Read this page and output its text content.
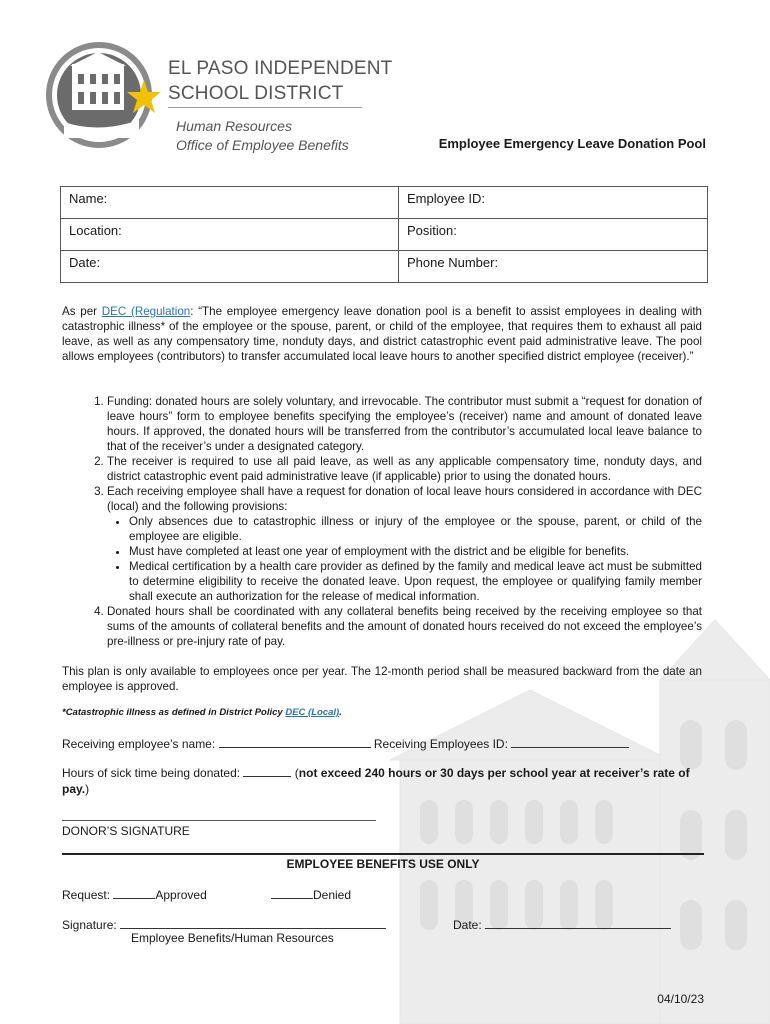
EL PASO INDEPENDENT
SCHOOL DISTRICT
Human Resources
Office of Employee Benefits	Employee Emergency Leave Donation Pool
Name:	Employee ID:
Location:	Position:
Date:	Phone Number:
As per DEC (Regulation: “The employee emergency leave donation pool is a benefit to assist employees in dealing with catastrophic illness* of the employee or the spouse, parent, or child of the employee, that requires them to exhaust all paid leave, as well as any compensatory time, nonduty days, and district catastrophic event paid administrative leave. The pool allows employees (contributors) to transfer accumulated local leave hours to another specified district employee (receiver).”
1. Funding: donated hours are solely voluntary, and irrevocable. The contributor must submit a “request for donation of leave hours” form to employee benefits specifying the employee’s (receiver) name and amount of donated leave hours. If approved, the donated hours will be transferred from the contributor’s accumulated local leave balance to that of the receiver’s under a designated category.
2. The receiver is required to use all paid leave, as well as any applicable compensatory time, nonduty days, and district catastrophic event paid administrative leave (if applicable) prior to using the donated hours.
3. Each receiving employee shall have a request for donation of local leave hours considered in accordance with DEC (local) and the following provisions:
• Only absences due to catastrophic illness or injury of the employee or the spouse, parent, or child of the employee are eligible.
• Must have completed at least one year of employment with the district and be eligible for benefits.
• Medical certification by a health care provider as defined by the family and medical leave act must be submitted to determine eligibility to receive the donated leave. Upon request, the employee or qualifying family member shall execute an authorization for the release of medical information.
4. Donated hours shall be coordinated with any collateral benefits being received by the receiving employee so that sums of the amounts of collateral benefits and the amount of donated hours received do not exceed the employee’s pre-illness or pre-injury rate of pay.
This plan is only available to employees once per year. The 12-month period shall be measured backward from the date an employee is approved.
*Catastrophic illness as defined in District Policy DEC (Local).
Receiving employee’s name:	Receiving Employees ID:
Hours of sick time being donated:	(not exceed 240 hours or 30 days per school year at receiver’s rate of pay.)
DONOR’S SIGNATURE
EMPLOYEE BENEFITS USE ONLY
Request:	Approved	Denied
Signature:	Date:
Employee Benefits/Human Resources
04/10/23
